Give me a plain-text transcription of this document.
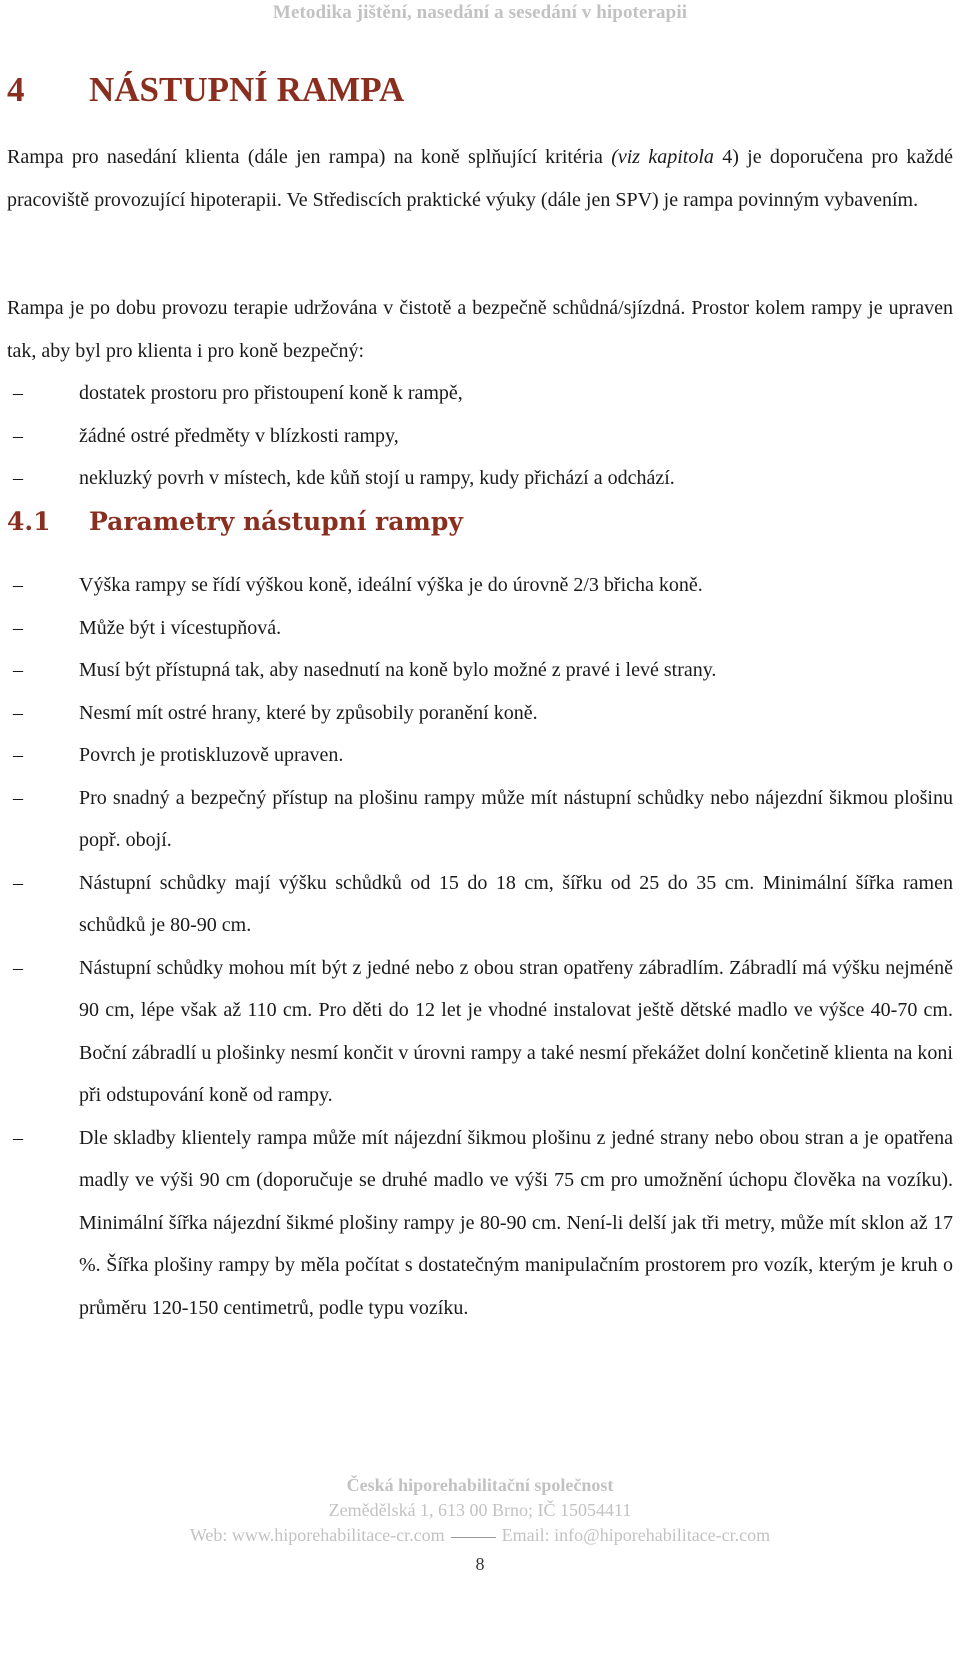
Metodika jištění, nasedání a sesedání v hipoterapii
4 NÁSTUPNÍ RAMPA

Rampa pro nasedání klienta (dále jen rampa) na koně splňující kritéria (viz kapitola 4) je doporučena pro každé pracoviště provozující hipoterapii. Ve Střediscích praktické výuky (dále jen SPV) je rampa povinným vybavením.

Rampa je po dobu provozu terapie udržována v čistotě a bezpečně schůdná/sjízdná. Prostor kolem rampy je upraven tak, aby byl pro klienta i pro koně bezpečný:

–	dostatek prostoru pro přistoupení koně k rampě,
–	žádné ostré předměty v blízkosti rampy,
–	nekluzký povrh v místech, kde kůň stojí u rampy, kudy přichází a odchází.
4.1 Parametry nástupní rampy
–	Výška rampy se řídí výškou koně, ideální výška je do úrovně 2/3 břicha koně.
–	Může být i vícestupňová.
–	Musí být přístupná tak, aby nasednutí na koně bylo možné z pravé i levé strany.
–	Nesmí mít ostré hrany, které by způsobily poranění koně.
–	Povrch je protiskluzově upraven.
–	Pro snadný a bezpečný přístup na plošinu rampy může mít nástupní schůdky nebo nájezdní šikmou plošinu popř. obojí.
–	Nástupní schůdky mají výšku schůdků od 15 do 18 cm, šířku od 25 do 35 cm. Minimální šířka ramen schůdků je 80-90 cm.
–	Nástupní schůdky mohou mít být z jedné nebo z obou stran opatřeny zábradlím. Zábradlí má výšku nejméně 90 cm, lépe však až 110 cm. Pro děti do 12 let je vhodné instalovat ještě dětské madlo ve výšce 40-70 cm. Boční zábradlí u plošinky nesmí končit v úrovni rampy a také nesmí překážet dolní končetině klienta na koni při odstupování koně od rampy.
–	Dle skladby klientely rampa může mít nájezdní šikmou plošinu z jedné strany nebo obou stran a je opatřena madly ve výši 90 cm (doporučuje se druhé madlo ve výši 75 cm pro umožnění úchopu člověka na vozíku). Minimální šířka nájezdní šikmé plošiny rampy je 80-90 cm. Není-li delší jak tři metry, může mít sklon až 17 %. Šířka plošiny rampy by měla počítat s dostatečným manipulačním prostorem pro vozík, kterým je kruh o průměru 120-150 centimetrů, podle typu vozíku.
Česká hiporehabilitační společnost
Zemědělská 1, 613 00 Brno; IČ 15054411
Web: www.hiporehabilitace-cr.com	Email: info@hiporehabilitace-cr.com
8
